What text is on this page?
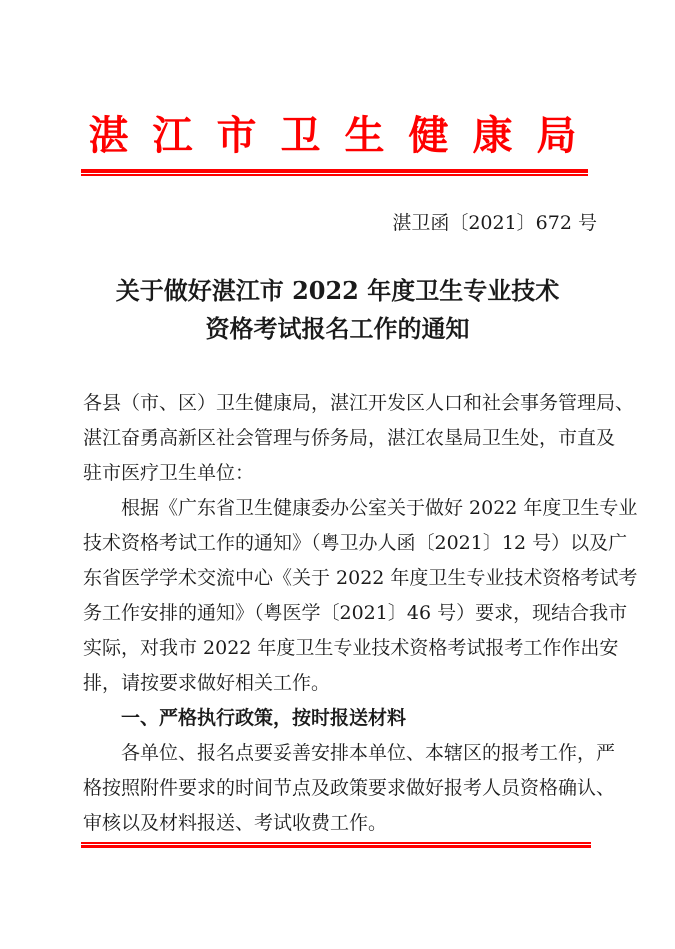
湛江市卫生健康局
湛卫函〔2021〕672 号
关于做好湛江市 2022 年度卫生专业技术
资格考试报名工作的通知
各县（市、区）卫生健康局，湛江开发区人口和社会事务管理局、
湛江奋勇高新区社会管理与侨务局，湛江农垦局卫生处，市直及
驻市医疗卫生单位：
根据《广东省卫生健康委办公室关于做好 2022 年度卫生专业
技术资格考试工作的通知》（粤卫办人函〔2021〕12 号）以及广
东省医学学术交流中心《关于 2022 年度卫生专业技术资格考试考
务工作安排的通知》（粤医学〔2021〕46 号）要求，现结合我市
实际，对我市 2022 年度卫生专业技术资格考试报考工作作出安
排，请按要求做好相关工作。
一、严格执行政策，按时报送材料
各单位、报名点要妥善安排本单位、本辖区的报考工作，严
格按照附件要求的时间节点及政策要求做好报考人员资格确认、
审核以及材料报送、考试收费工作。
